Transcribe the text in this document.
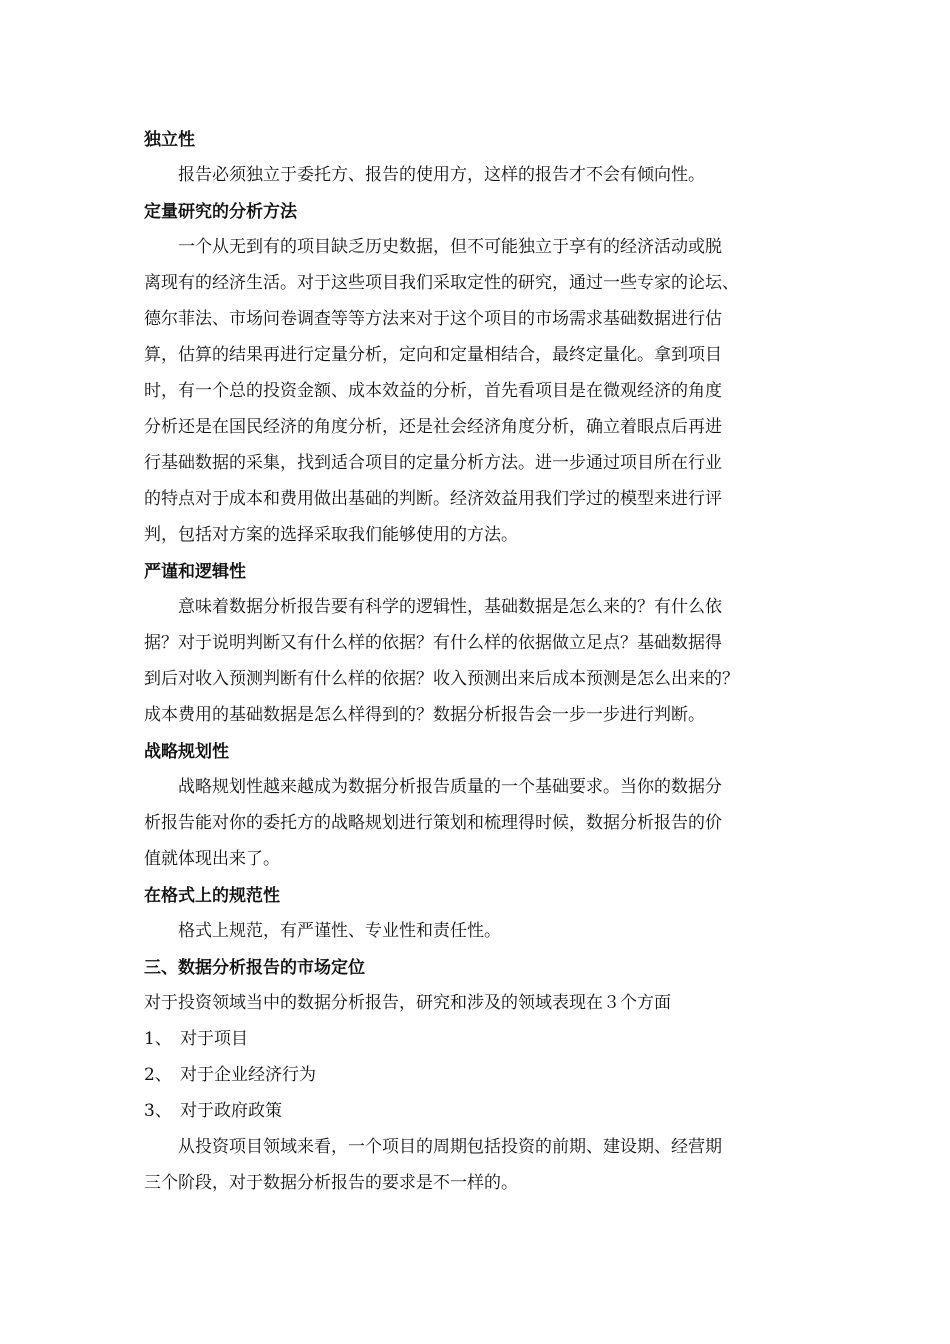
独立性
报告必须独立于委托方、报告的使用方，这样的报告才不会有倾向性。
定量研究的分析方法
一个从无到有的项目缺乏历史数据，但不可能独立于享有的经济活动或脱
离现有的经济生活。对于这些项目我们采取定性的研究，通过一些专家的论坛、
德尔菲法、市场问卷调查等等方法来对于这个项目的市场需求基础数据进行估
算，估算的结果再进行定量分析，定向和定量相结合，最终定量化。拿到项目
时，有一个总的投资金额、成本效益的分析，首先看项目是在微观经济的角度
分析还是在国民经济的角度分析，还是社会经济角度分析，确立着眼点后再进
行基础数据的采集，找到适合项目的定量分析方法。进一步通过项目所在行业
的特点对于成本和费用做出基础的判断。经济效益用我们学过的模型来进行评
判，包括对方案的选择采取我们能够使用的方法。
严谨和逻辑性
意味着数据分析报告要有科学的逻辑性，基础数据是怎么来的？有什么依
据？对于说明判断又有什么样的依据？有什么样的依据做立足点？基础数据得
到后对收入预测判断有什么样的依据？收入预测出来后成本预测是怎么出来的？
成本费用的基础数据是怎么样得到的？数据分析报告会一步一步进行判断。
战略规划性
战略规划性越来越成为数据分析报告质量的一个基础要求。当你的数据分
析报告能对你的委托方的战略规划进行策划和梳理得时候，数据分析报告的价
值就体现出来了。
在格式上的规范性
格式上规范，有严谨性、专业性和责任性。
三、数据分析报告的市场定位
对于投资领域当中的数据分析报告，研究和涉及的领域表现在３个方面
1、 对于项目
2、 对于企业经济行为
3、 对于政府政策
从投资项目领域来看，一个项目的周期包括投资的前期、建设期、经营期
三个阶段，对于数据分析报告的要求是不一样的。
